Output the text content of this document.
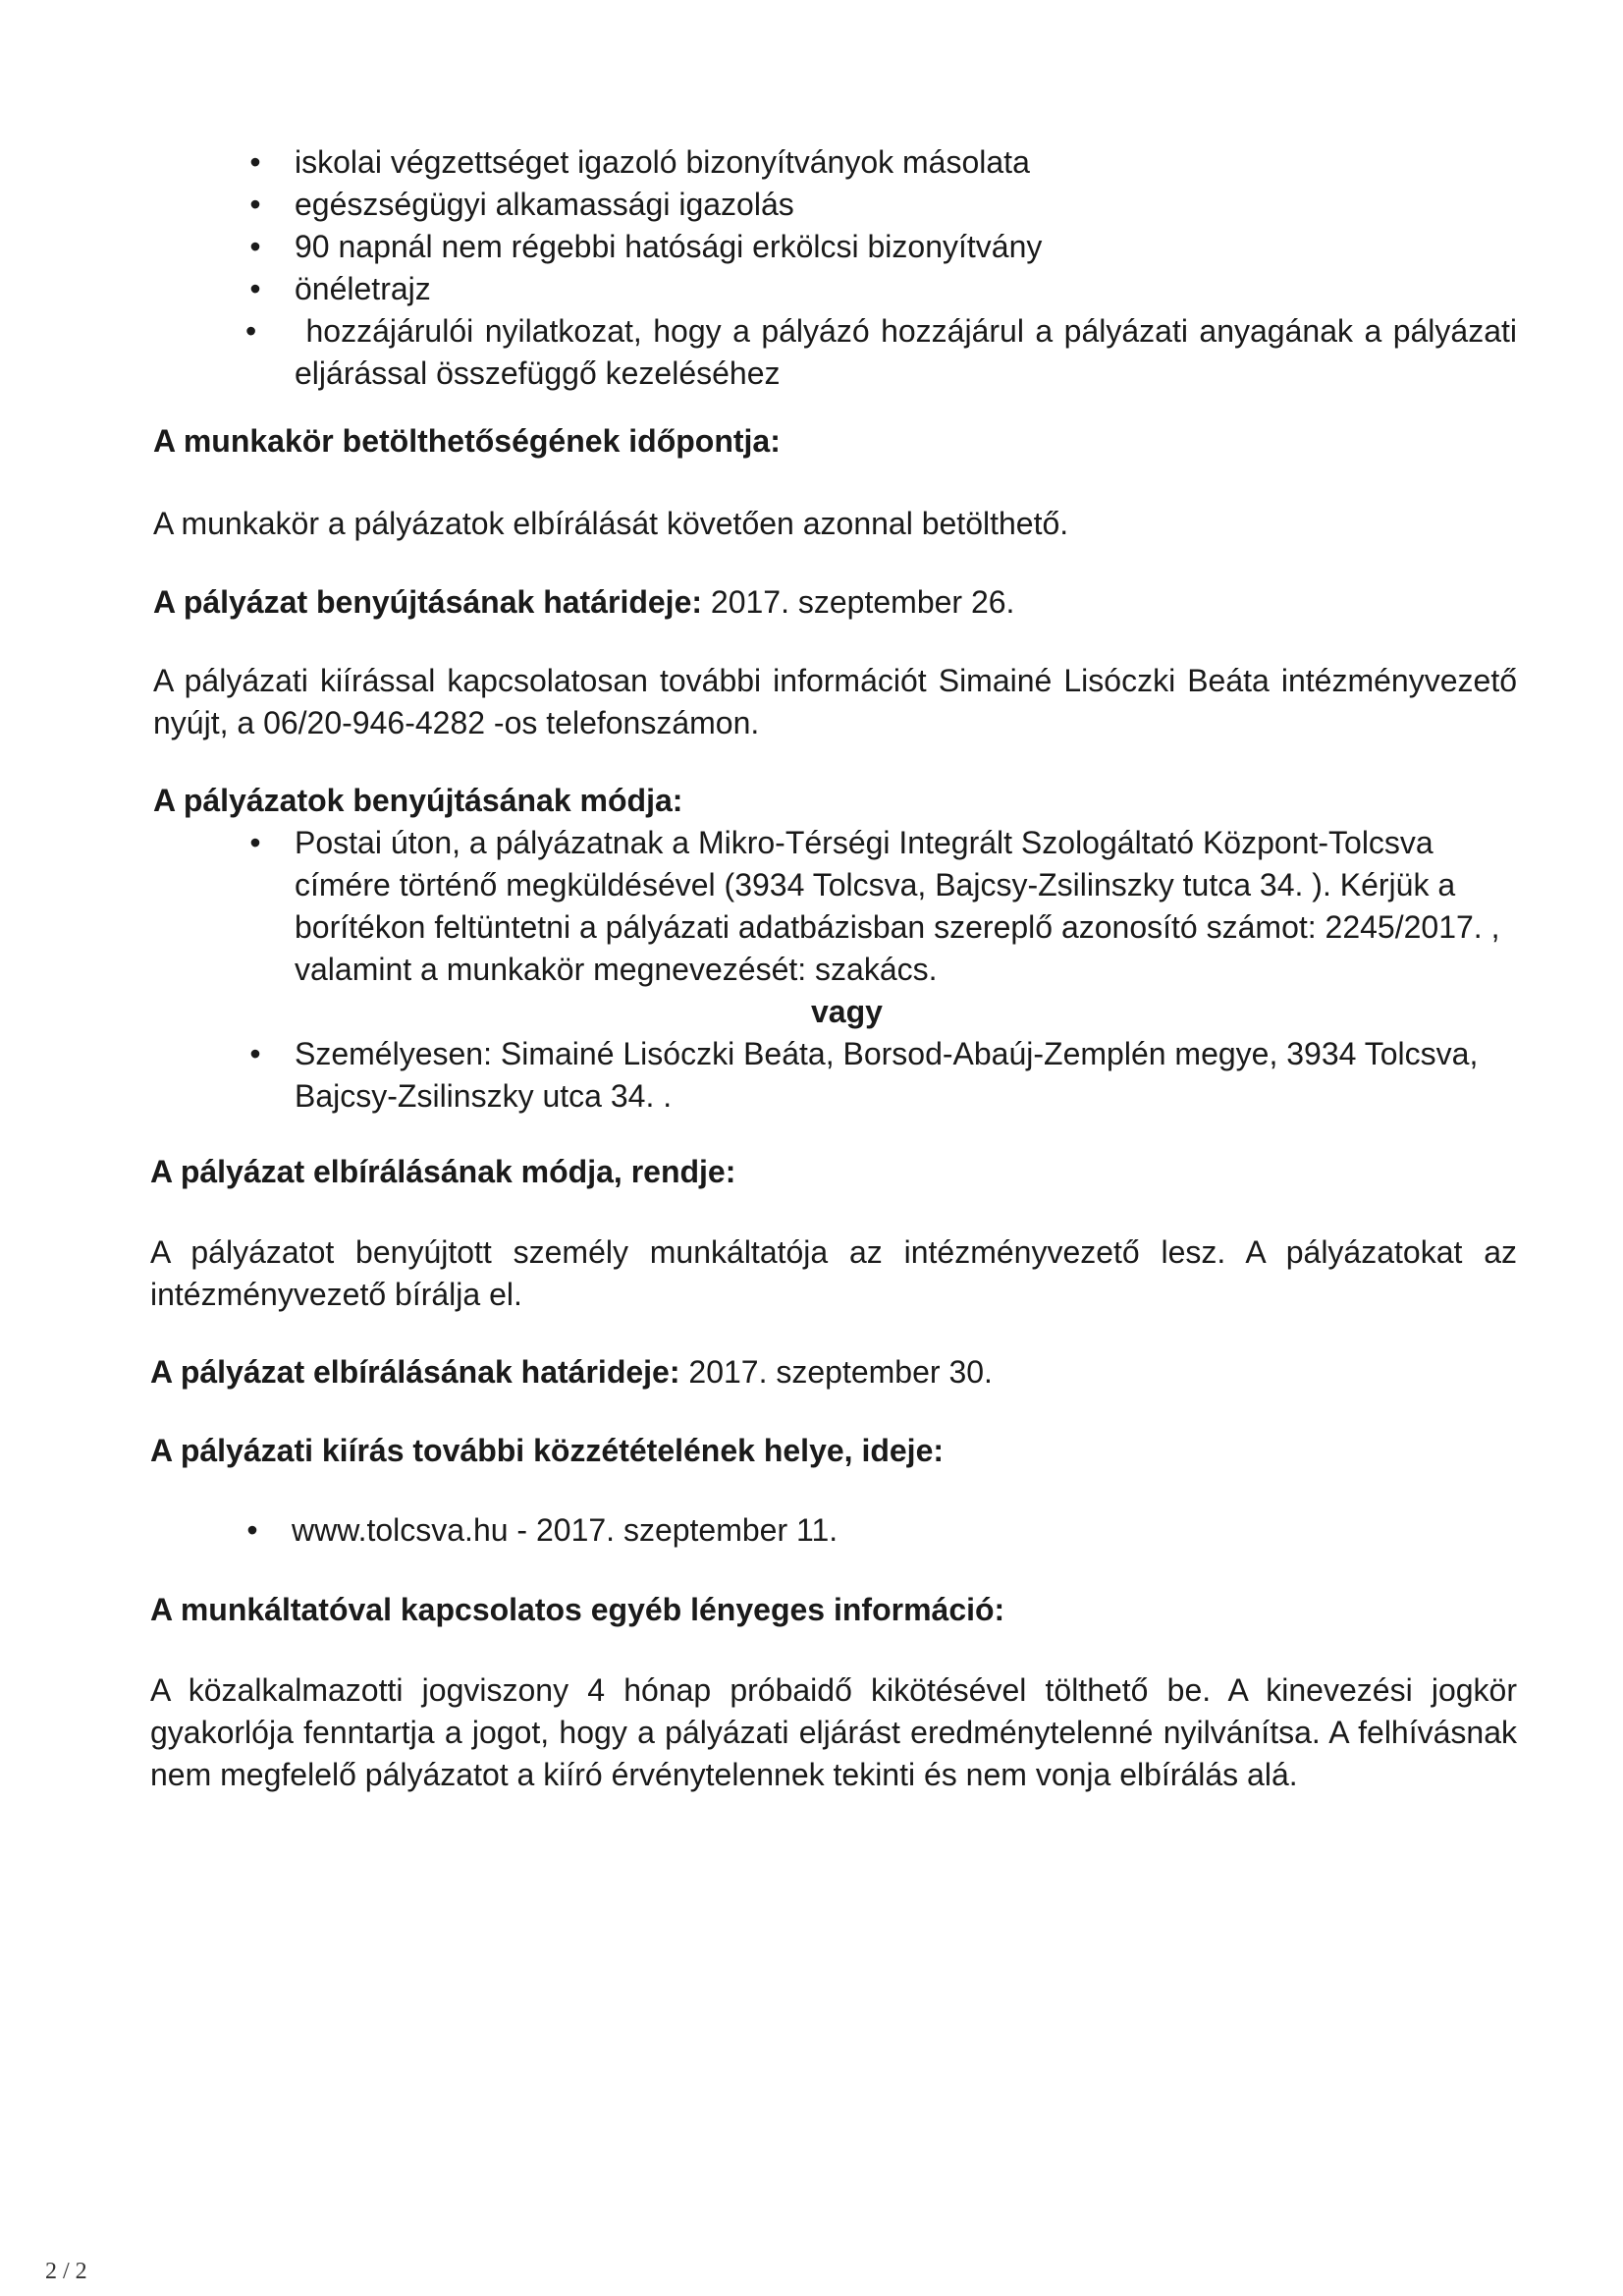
• iskolai végzettséget igazoló bizonyítványok másolata
• egészségügyi alkamassági igazolás
• 90 napnál nem régebbi hatósági erkölcsi bizonyítvány
• önéletrajz
• hozzájárulói nyilatkozat, hogy a pályázó hozzájárul a pályázati anyagának a pályázati eljárással összefüggő kezeléséhez
A munkakör betölthetőségének időpontja:
A munkakör a pályázatok elbírálását követően azonnal betölthető.
A pályázat benyújtásának határideje: 2017. szeptember 26.
A pályázati kiírással kapcsolatosan további információt Simainé Lisóczki Beáta intézményvezető nyújt, a 06/20-946-4282 -os telefonszámon.
A pályázatok benyújtásának módja:
• Postai úton, a pályázatnak a Mikro-Térségi Integrált Szologáltató Központ-Tolcsva címére történő megküldésével (3934 Tolcsva, Bajcsy-Zsilinszky tutca 34. ). Kérjük a borítékon feltüntetni a pályázati adatbázisban szereplő azonosító számot: 2245/2017. , valamint a munkakör megnevezését: szakács.
vagy
• Személyesen: Simainé Lisóczki Beáta, Borsod-Abaúj-Zemplén megye, 3934 Tolcsva, Bajcsy-Zsilinszky utca 34. .
A pályázat elbírálásának módja, rendje:
A pályázatot benyújtott személy munkáltatója az intézményvezető lesz. A pályázatokat az intézményvezető bírálja el.
A pályázat elbírálásának határideje: 2017. szeptember 30.
A pályázati kiírás további közzétételének helye, ideje:
• www.tolcsva.hu - 2017. szeptember 11.
A munkáltatóval kapcsolatos egyéb lényeges információ:
A közalkalmazotti jogviszony 4 hónap próbaidő kikötésével tölthető be. A kinevezési jogkör gyakorlója fenntartja a jogot, hogy a pályázati eljárást eredménytelenné nyilvánítsa. A felhívásnak nem megfelelő pályázatot a kiíró érvénytelennek tekinti és nem vonja elbírálás alá.
2 / 2
